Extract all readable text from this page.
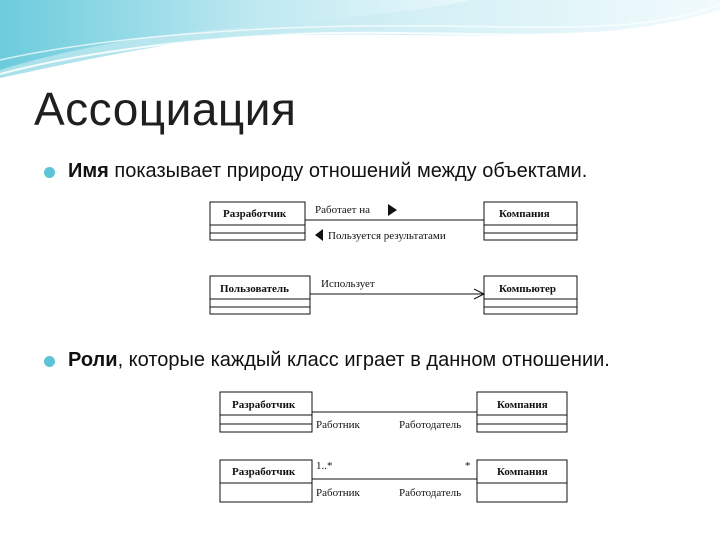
Ассоциация
Имя показывает природу отношений между объектами.
Разработчик	Компания
Работает на
Пользуется результатами
Пользователь	Компьютер
Использует
Роли, которые каждый класс играет в данном отношении.
Разработчик	Компания
Работник	Работодатель
Разработчик	Компания
1..*	*
Работник	Работодатель
